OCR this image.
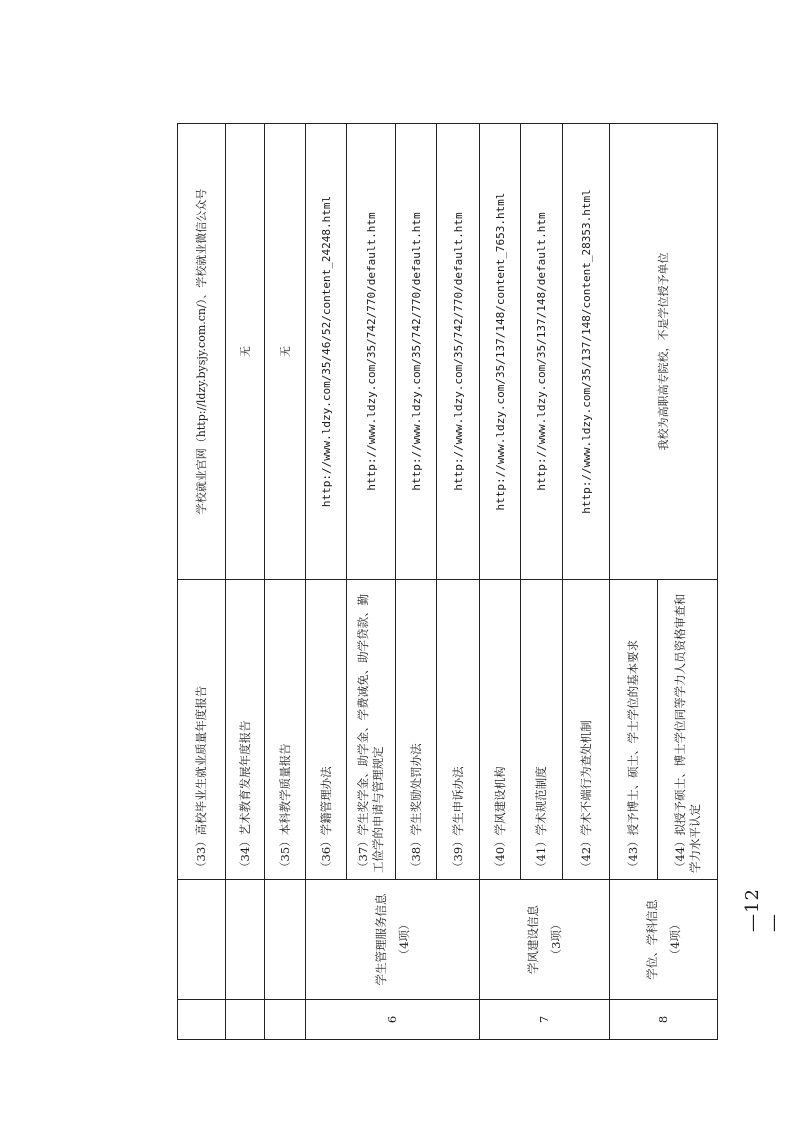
		（33）高校毕业生就业质量年度报告	学校就业官网（http://ldzy.bysjy.com.cn/）、学校就业微信公众号
		（34）艺术教育发展年度报告	无
		（35）本科教学质量报告	无
6	学生管理服务信息 （4项）	（36）学籍管理办法	http://www.ldzy.com/35/46/52/content_24248.html
		（37）学生奖学金、助学金、学费减免、助学贷款、勤工俭学的申请与管理规定	http://www.ldzy.com/35/742/770/default.htm
		（38）学生奖励处罚办法	http://www.ldzy.com/35/742/770/default.htm
		（39）学生申诉办法	http://www.ldzy.com/35/742/770/default.htm
7	学风建设信息 （3项）	（40）学风建设机构	http://www.ldzy.com/35/137/148/content_7653.html
		（41）学术规范制度	http://www.ldzy.com/35/137/148/default.htm
		（42）学术不端行为查处机制	http://www.ldzy.com/35/137/148/content_28353.html
8	学位、学科信息 （4项）	（43）授予博士、硕士、学士学位的基本要求	我校为高职高专院校，不是学位授予单位
		（44）拟授予硕士、博士学位同等学力人员资格审查和学力水平认定	
—12—
